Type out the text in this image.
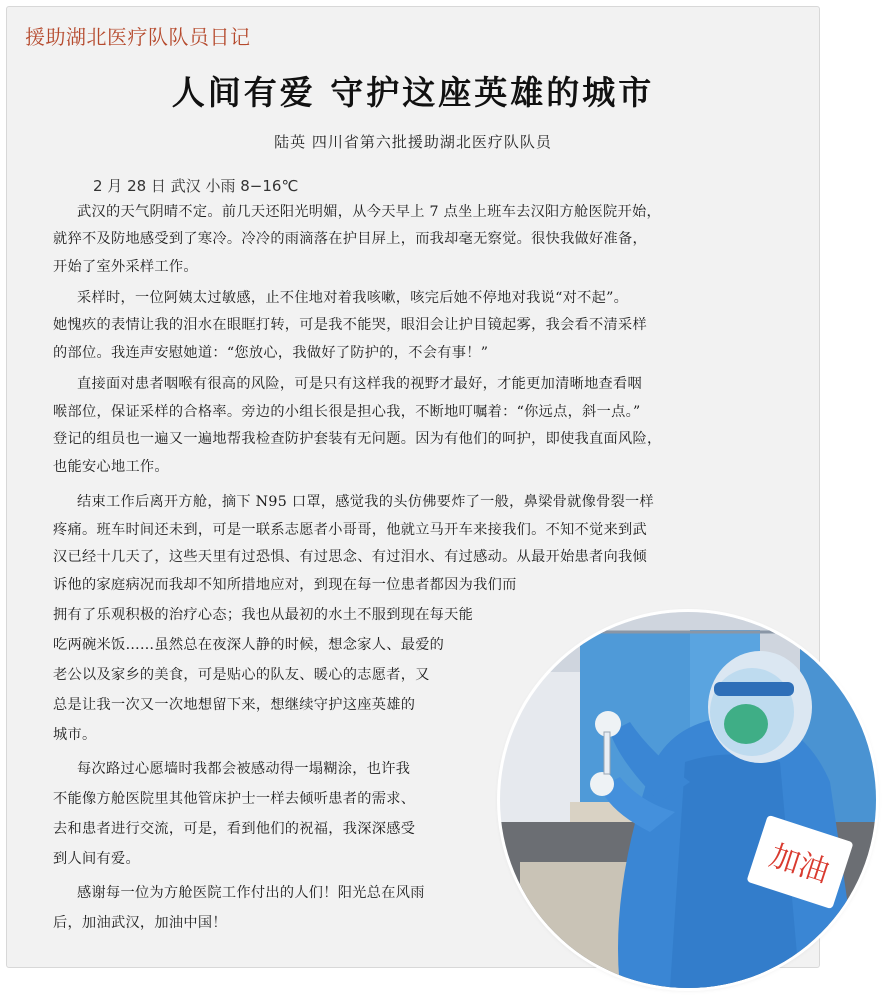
援助湖北医疗队队员日记
人间有爱 守护这座英雄的城市
陆英 四川省第六批援助湖北医疗队队员
2 月 28 日 武汉 小雨 8−16℃

武汉的天气阴晴不定。前几天还阳光明媚，从今天早上 7 点坐上班车去汉阳方舱医院开始，

就猝不及防地感受到了寒冷。冷冷的雨滴落在护目屏上，而我却毫无察觉。很快我做好准备，

开始了室外采样工作。

采样时，一位阿姨太过敏感，止不住地对着我咳嗽，咳完后她不停地对我说“对不起”。

她愧疚的表情让我的泪水在眼眶打转，可是我不能哭，眼泪会让护目镜起雾，我会看不清采样

的部位。我连声安慰她道：“您放心，我做好了防护的，不会有事！”

直接面对患者咽喉有很高的风险，可是只有这样我的视野才最好，才能更加清晰地查看咽

喉部位，保证采样的合格率。旁边的小组长很是担心我，不断地叮嘱着：“你远点，斜一点。”

登记的组员也一遍又一遍地帮我检查防护套装有无问题。因为有他们的呵护，即使我直面风险，

也能安心地工作。

结束工作后离开方舱，摘下 N95 口罩，感觉我的头仿佛要炸了一般，鼻梁骨就像骨裂一样

疼痛。班车时间还未到，可是一联系志愿者小哥哥，他就立马开车来接我们。不知不觉来到武

汉已经十几天了，这些天里有过恐惧、有过思念、有过泪水、有过感动。从最开始患者向我倾

诉他的家庭病况而我却不知所措地应对，到现在每一位患者都因为我们而

拥有了乐观积极的治疗心态；我也从最初的水土不服到现在每天能

吃两碗米饭……虽然总在夜深人静的时候，想念家人、最爱的

老公以及家乡的美食，可是贴心的队友、暖心的志愿者，又

总是让我一次又一次地想留下来，想继续守护这座英雄的

城市。

每次路过心愿墙时我都会被感动得一塌糊涂，也许我

不能像方舱医院里其他管床护士一样去倾听患者的需求、

去和患者进行交流，可是，看到他们的祝福，我深深感受

到人间有爱。

感谢每一位为方舱医院工作付出的人们！阳光总在风雨

后，加油武汉，加油中国！

加油
